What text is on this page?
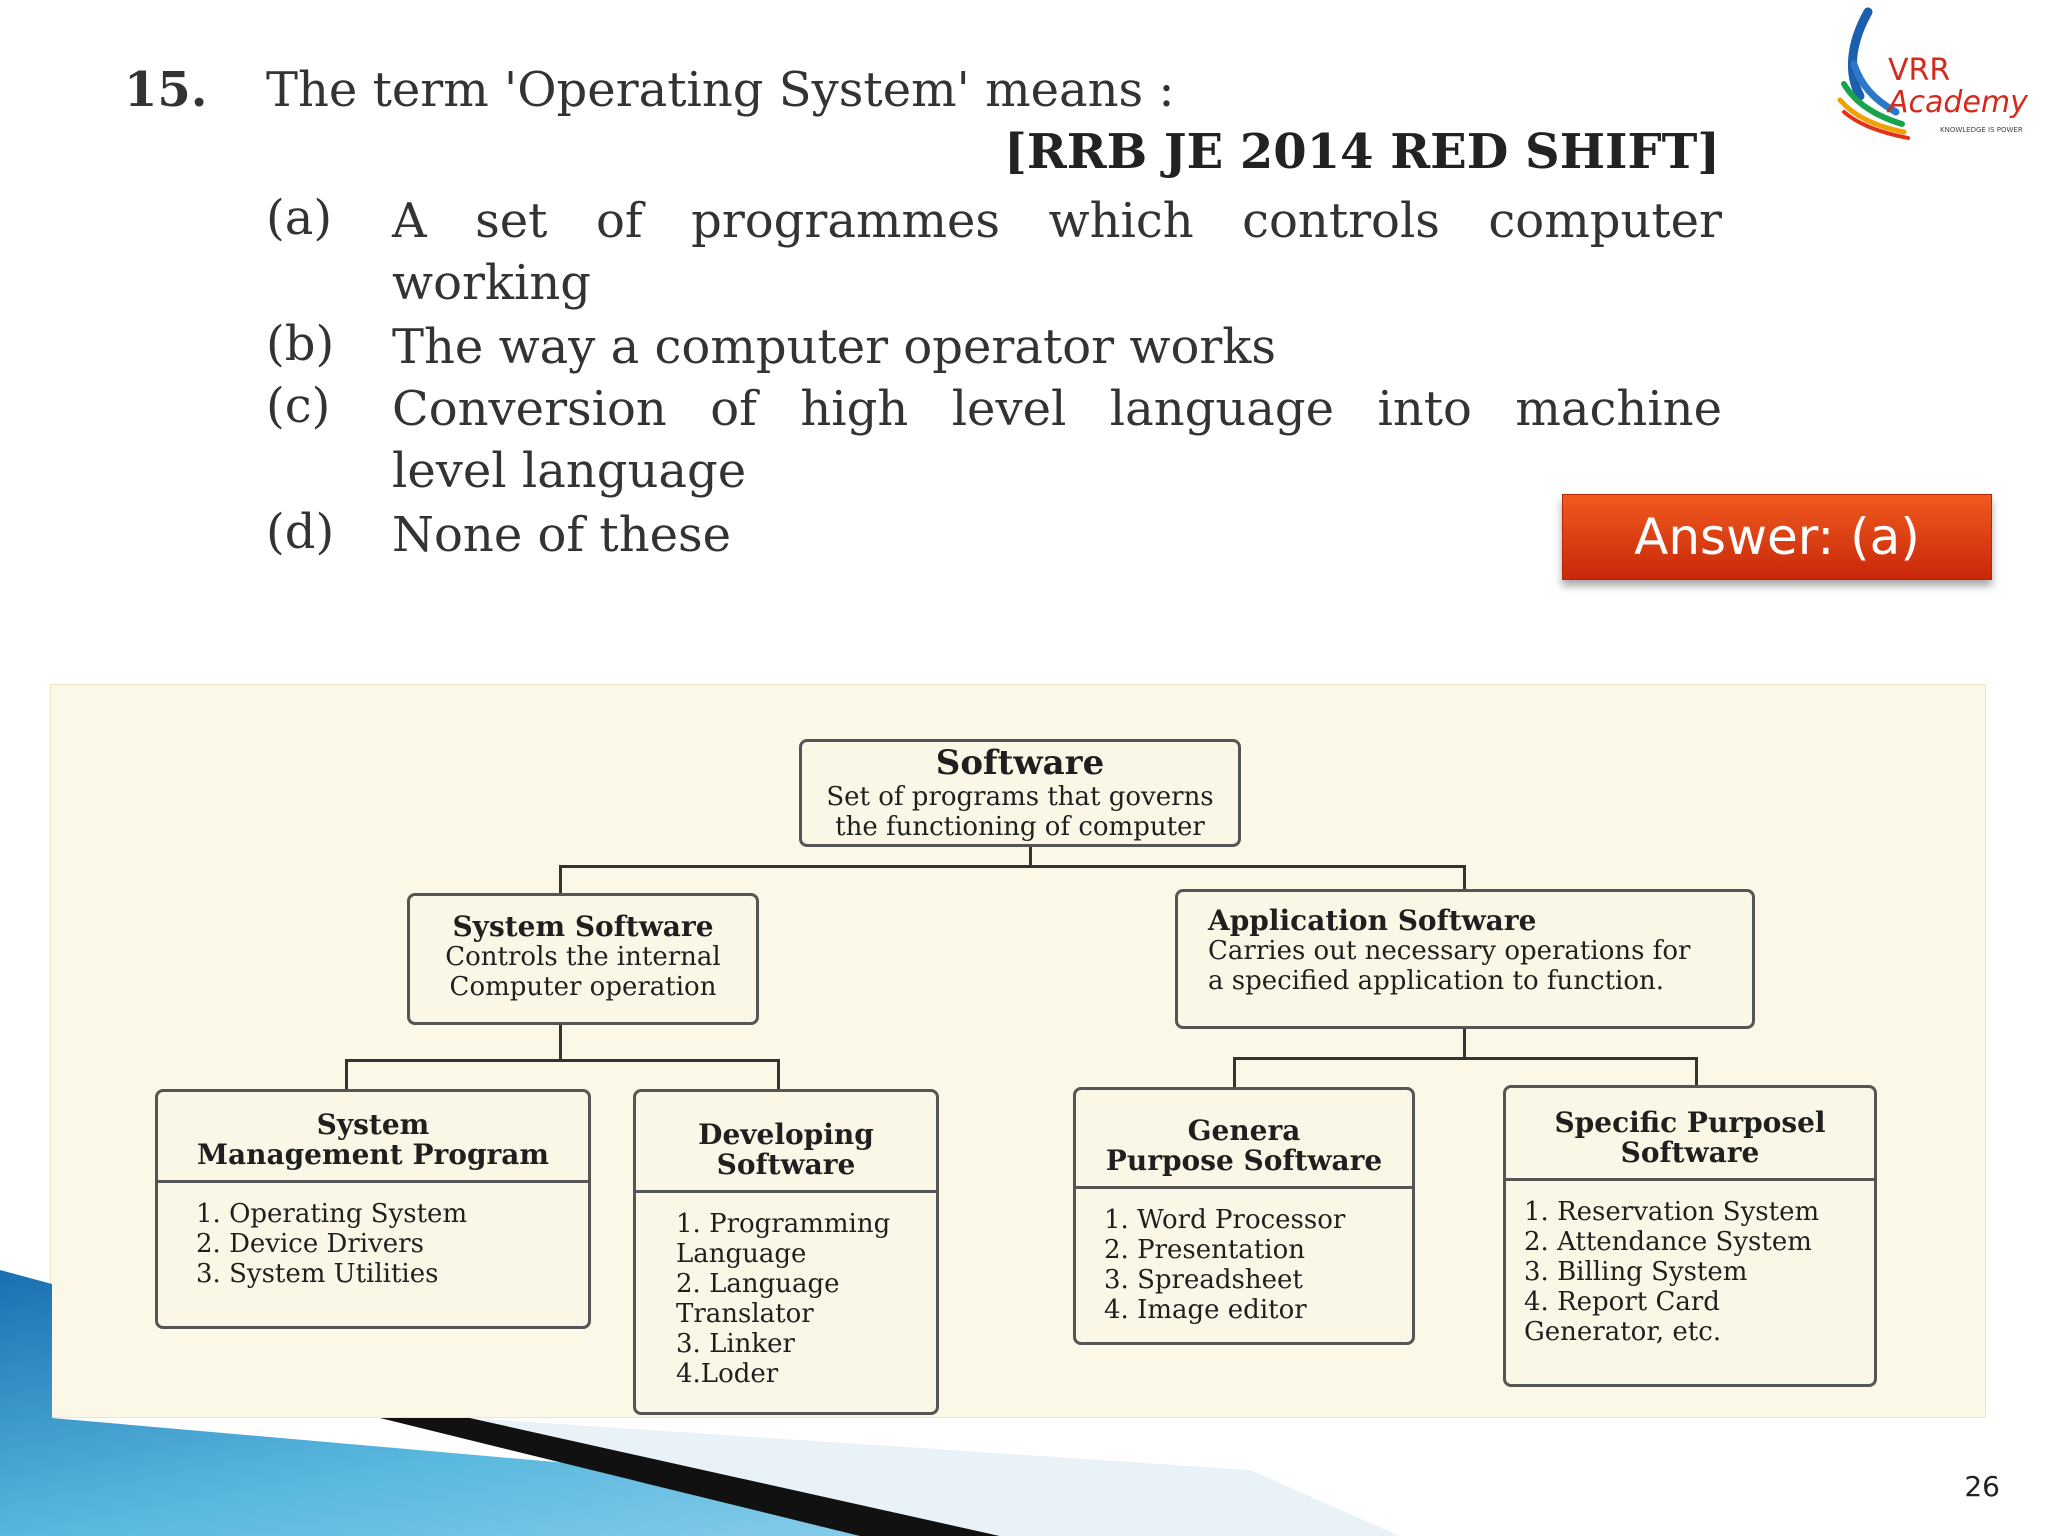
15. The term 'Operating System' means :
[RRB JE 2014 RED SHIFT]
(a) A set of programmes which controls computer
working
(b) The way a computer operator works
(c) Conversion of high level language into machine
level language
(d) None of these	Answer: (a)
VRR
Academy
KNOWLEDGE IS POWER
Software
Set of programs that governs
the functioning of computer
System Software
Controls the internal
Computer operation
Application Software
Carries out necessary operations for
a specified application to function.
System
Management Program
1. Operating System
2. Device Drivers
3. System Utilities
Developing
Software
1. Programming
Language
2. Language
Translator
3. Linker
4.Loder
Genera
Purpose Software
1. Word Processor
2. Presentation
3. Spreadsheet
4. Image editor
Specific Purposel
Software
1. Reservation System
2. Attendance System
3. Billing System
4. Report Card
Generator, etc.
26
